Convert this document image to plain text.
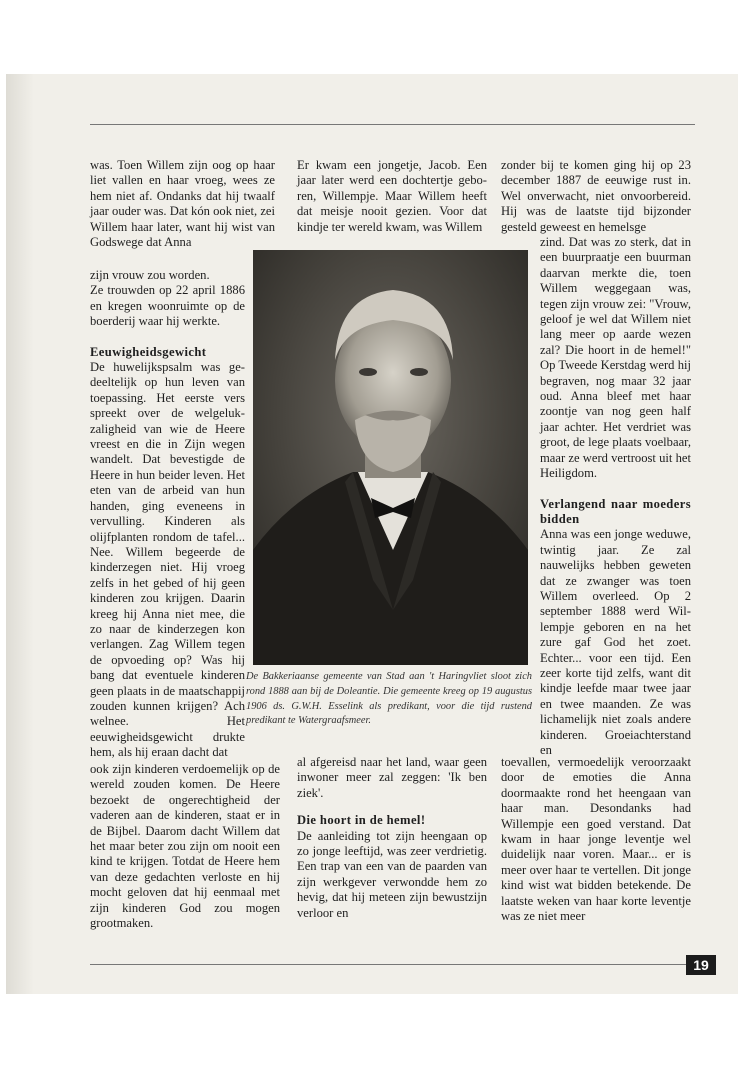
was. Toen Willem zijn oog op haar liet vallen en haar vroeg, wees ze hem niet af. Ondanks dat hij twaalf jaar ouder was. Dat kón ook niet, zei Willem haar later, want hij wist van Godswege dat Anna

zijn vrouw zou worden.

Ze trouwden op 22 april 1886 en kregen woonruimte op de boerderij waar hij werkte.

Eeuwigheidsgewicht

De huwelijkspsalm was gedeeltelijk op hun leven van toepassing. Het eerste vers spreekt over de welgelukzaligheid van wie de Heere vreest en die in Zijn wegen wandelt. Dat bevestigde de Heere in hun beider leven. Het eten van de arbeid van hun handen, ging eveneens in vervulling. Kinderen als olijfplanten rondom de tafel... Nee. Willem begeerde de kinderzegen niet. Hij vroeg zelfs in het gebed of hij geen kinderen zou krijgen. Daarin kreeg hij Anna niet mee, die zo naar de kinderzegen kon verlangen. Zag Willem tegen de opvoeding op? Was hij bang dat eventuele kinderen geen plaats in de maatschappij zouden kunnen krijgen? Ach welnee. Het eeuwigheidsgewicht drukte hem, als hij eraan dacht dat

ook zijn kinderen verdoemelijk op de wereld zouden komen. De Heere bezoekt de ongerechtigheid der vaderen aan de kinderen, staat er in de Bijbel. Daarom dacht Willem dat het maar beter zou zijn om nooit een kind te krijgen. Totdat de Heere hem van deze gedachten verloste en hij mocht geloven dat hij eenmaal met zijn kinderen God zou mogen grootmaken.

Er kwam een jongetje, Jacob. Een jaar later werd een dochtertje geboren, Willempje. Maar Willem heeft dat meisje nooit gezien. Voor dat kindje ter wereld kwam, was Willem

al afgereisd naar het land, waar geen inwoner meer zal zeggen: 'Ik ben ziek'.

Die hoort in de hemel!

De aanleiding tot zijn heengaan op zo jonge leeftijd, was zeer verdrietig. Een trap van een van de paarden van zijn werkgever verwondde hem zo hevig, dat hij meteen zijn bewustzijn verloor en

zonder bij te komen ging hij op 23 december 1887 de eeuwige rust in. Wel onverwacht, niet onvoorbereid. Hij was de laatste tijd bijzonder gesteld geweest en hemelsge

zind. Dat was zo sterk, dat in een buurpraatje een buurman daarvan merkte die, toen Willem weggegaan was, tegen zijn vrouw zei: "Vrouw, geloof je wel dat Willem niet lang meer op aarde wezen zal? Die hoort in de hemel!" Op Tweede Kerstdag werd hij begraven, nog maar 32 jaar oud. Anna bleef met haar zoontje van nog geen half jaar achter. Het verdriet was groot, de lege plaats voelbaar, maar ze werd vertroost uit het Heiligdom.

Verlangend naar moeders bidden

Anna was een jonge weduwe, twintig jaar. Ze zal nauwelijks hebben geweten dat ze zwanger was toen Willem overleed. Op 2 september 1888 werd Willempje geboren en na het zure gaf God het zoet. Echter... voor een tijd. Een zeer korte tijd zelfs, want dit kindje leefde maar twee jaar en twee maanden. Ze was lichamelijk niet zoals andere kinderen. Groeiachterstand en

toevallen, vermoedelijk veroorzaakt door de emoties die Anna doormaakte rond het heengaan van haar man. Desondanks had Willempje een goed verstand. Dat kwam in haar jonge leventje wel duidelijk naar voren. Maar... er is meer over haar te vertellen. Dit jonge kind wist wat bidden betekende. De laatste weken van haar korte leventje was ze niet meer

De Bakkeriaanse gemeente van Stad aan 't Haringvliet sloot zich rond 1888 aan bij de Doleantie. Die gemeente kreeg op 19 augustus 1906 ds. G.W.H. Esselink als predikant, voor die tijd rustend predikant te Watergraafsmeer.
19
